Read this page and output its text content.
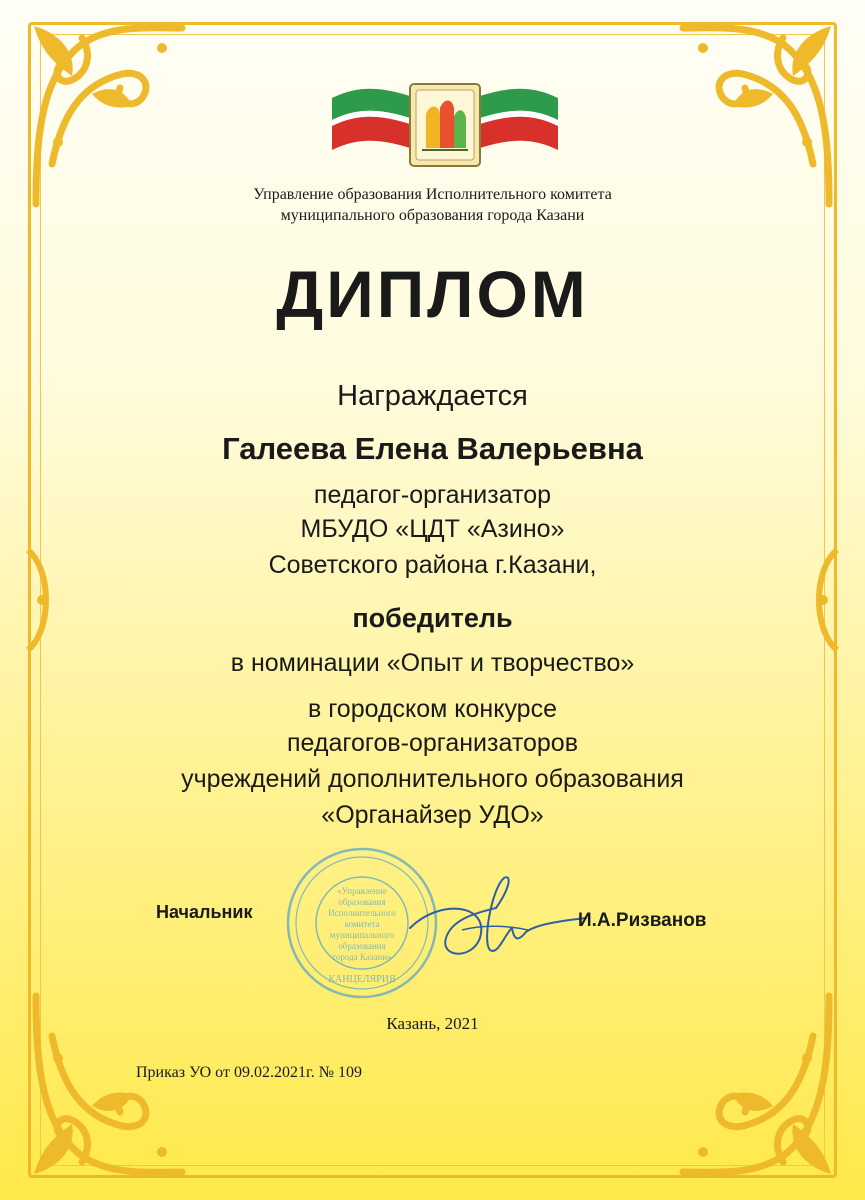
Управление образования Исполнительного комитета
муниципального образования города Казани
ДИПЛОМ
Награждается
Галеева Елена Валерьевна
педагог-организатор
МБУДО «ЦДТ «Азино»
Советского района г.Казани,
победитель
в номинации «Опыт и творчество»
в городском конкурсе
педагогов-организаторов
учреждений дополнительного образования
«Органайзер УДО»
«Управление
образования
Исполнительного
комитета
муниципального
образования
города Казани»
КАНЦЕЛЯРИЯ
Начальник	И.А.Ризванов
Казань, 2021
Приказ УО от 09.02.2021г. № 109
